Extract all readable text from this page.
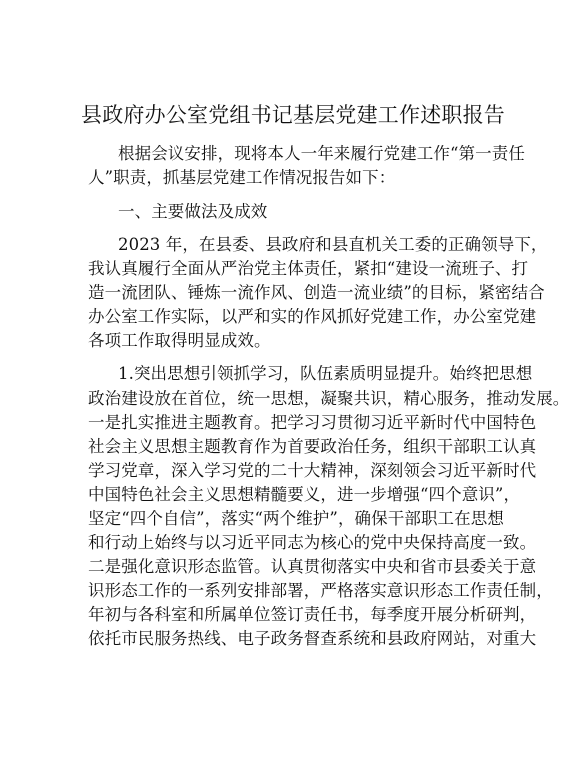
县政府办公室党组书记基层党建工作述职报告
根据会议安排，现将本人一年来履行党建工作“第一责任
人”职责，抓基层党建工作情况报告如下：
一、主要做法及成效
2023 年，在县委、县政府和县直机关工委的正确领导下，
我认真履行全面从严治党主体责任，紧扣“建设一流班子、打
造一流团队、锤炼一流作风、创造一流业绩”的目标，紧密结合
办公室工作实际，以严和实的作风抓好党建工作，办公室党建
各项工作取得明显成效。
1.突出思想引领抓学习，队伍素质明显提升。始终把思想
政治建设放在首位，统一思想，凝聚共识，精心服务，推动发展。
一是扎实推进主题教育。把学习习贯彻习近平新时代中国特色
社会主义思想主题教育作为首要政治任务，组织干部职工认真
学习党章，深入学习党的二十大精神，深刻领会习近平新时代
中国特色社会主义思想精髓要义，进一步增强“四个意识”，
坚定“四个自信”，落实“两个维护”，确保干部职工在思想
和行动上始终与以习近平同志为核心的党中央保持高度一致。
二是强化意识形态监管。认真贯彻落实中央和省市县委关于意
识形态工作的一系列安排部署，严格落实意识形态工作责任制，
年初与各科室和所属单位签订责任书，每季度开展分析研判，
依托市民服务热线、电子政务督查系统和县政府网站，对重大
